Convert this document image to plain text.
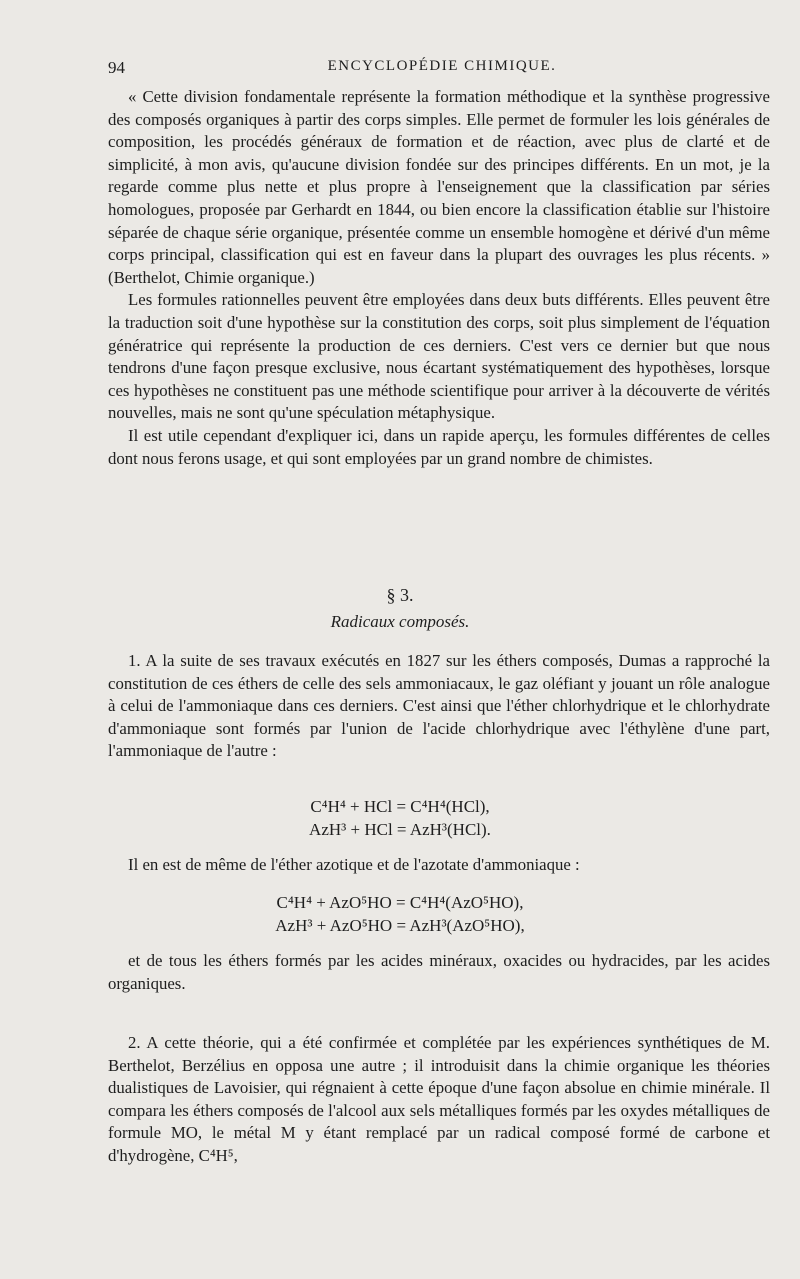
94	ENCYCLOPÉDIE CHIMIQUE.

« Cette division fondamentale représente la formation méthodique et la synthèse progressive des composés organiques à partir des corps simples. Elle permet de formuler les lois générales de composition, les procédés généraux de formation et de réaction, avec plus de clarté et de simplicité, à mon avis, qu'aucune division fondée sur des principes différents. En un mot, je la regarde comme plus nette et plus propre à l'enseignement que la classification par séries homologues, proposée par Gerhardt en 1844, ou bien encore la classification établie sur l'histoire séparée de chaque série organique, présentée comme un ensemble homogène et dérivé d'un même corps principal, classification qui est en faveur dans la plupart des ouvrages les plus récents. » (Berthelot, Chimie organique.)

Les formules rationnelles peuvent être employées dans deux buts différents. Elles peuvent être la traduction soit d'une hypothèse sur la constitution des corps, soit plus simplement de l'équation génératrice qui représente la production de ces derniers. C'est vers ce dernier but que nous tendrons d'une façon presque exclusive, nous écartant systématiquement des hypothèses, lorsque ces hypothèses ne constituent pas une méthode scientifique pour arriver à la découverte de vérités nouvelles, mais ne sont qu'une spéculation métaphysique.

Il est utile cependant d'expliquer ici, dans un rapide aperçu, les formules différentes de celles dont nous ferons usage, et qui sont employées par un grand nombre de chimistes.

§ 3.
Radicaux composés.

1. A la suite de ses travaux exécutés en 1827 sur les éthers composés, Dumas a rapproché la constitution de ces éthers de celle des sels ammoniacaux, le gaz oléfiant y jouant un rôle analogue à celui de l'ammoniaque dans ces derniers. C'est ainsi que l'éther chlorhydrique et le chlorhydrate d'ammoniaque sont formés par l'union de l'acide chlorhydrique avec l'éthylène d'une part, l'ammoniaque de l'autre :

C⁴H⁴ + HCl = C⁴H⁴(HCl),
AzH³ + HCl = AzH³(HCl).

Il en est de même de l'éther azotique et de l'azotate d'ammoniaque :

C⁴H⁴ + AzO⁵HO = C⁴H⁴(AzO⁵HO),
AzH³ + AzO⁵HO = AzH³(AzO⁵HO),

et de tous les éthers formés par les acides minéraux, oxacides ou hydracides, par les acides organiques.

2. A cette théorie, qui a été confirmée et complétée par les expériences synthétiques de M. Berthelot, Berzélius en opposa une autre ; il introduisit dans la chimie organique les théories dualistiques de Lavoisier, qui régnaient à cette époque d'une façon absolue en chimie minérale. Il compara les éthers composés de l'alcool aux sels métalliques formés par les oxydes métalliques de formule MO, le métal M y étant remplacé par un radical composé formé de carbone et d'hydrogène, C⁴H⁵,
